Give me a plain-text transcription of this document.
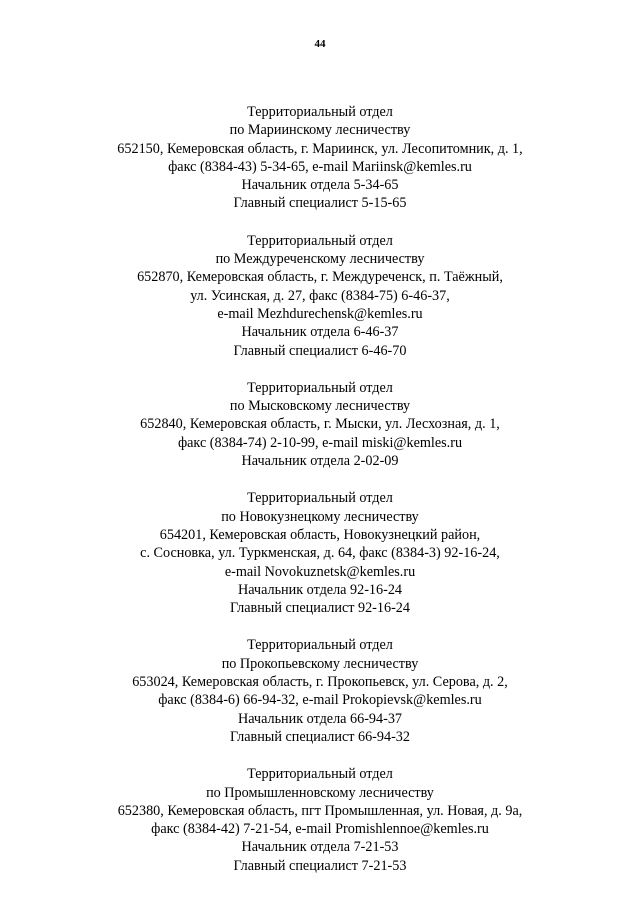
44
Территориальный отдел
по Мариинскому лесничеству
652150, Кемеровская область, г. Мариинск, ул. Лесопитомник, д. 1,
факс (8384-43) 5-34-65, e-mail Mariinsk@kemles.ru
Начальник отдела 5-34-65
Главный специалист 5-15-65
Территориальный отдел
по Междуреченскому лесничеству
652870, Кемеровская область, г. Междуреченск, п. Таёжный,
ул. Усинская, д. 27, факс (8384-75) 6-46-37,
e-mail Mezhdurechensk@kemles.ru
Начальник отдела 6-46-37
Главный специалист 6-46-70
Территориальный отдел
по Мысковскому лесничеству
652840, Кемеровская область, г. Мыски, ул. Лесхозная, д. 1,
факс (8384-74) 2-10-99, e-mail miski@kemles.ru
Начальник отдела 2-02-09
Территориальный отдел
по Новокузнецкому лесничеству
654201, Кемеровская область, Новокузнецкий район,
с. Сосновка, ул. Туркменская, д. 64, факс (8384-3) 92-16-24,
e-mail Novokuznetsk@kemles.ru
Начальник отдела 92-16-24
Главный специалист 92-16-24
Территориальный отдел
по Прокопьевскому лесничеству
653024, Кемеровская область, г. Прокопьевск, ул. Серова, д. 2,
факс (8384-6) 66-94-32, e-mail Prokopievsk@kemles.ru
Начальник отдела 66-94-37
Главный специалист 66-94-32
Территориальный отдел
по Промышленновскому лесничеству
652380, Кемеровская область, пгт Промышленная, ул. Новая, д. 9а,
факс (8384-42) 7-21-54, e-mail Promishlennoe@kemles.ru
Начальник отдела 7-21-53
Главный специалист 7-21-53
